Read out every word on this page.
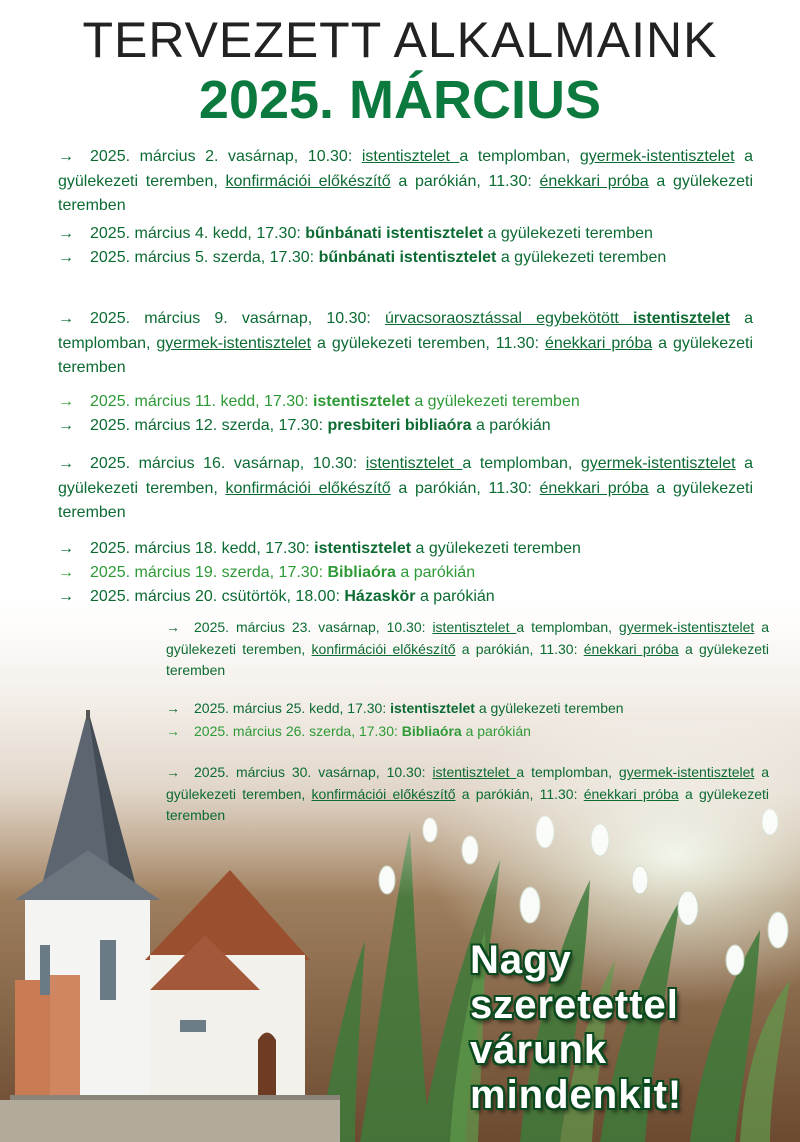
TERVEZETT ALKALMAINK
2025. MÁRCIUS
→ 2025. március 2. vasárnap, 10.30: istentisztelet a templomban, gyermek-istentisztelet a gyülekezeti teremben, konfirmációi előkészítő a parókián, 11.30: énekkari próba a gyülekezeti teremben
→ 2025. március 4. kedd, 17.30: bűnbánati istentisztelet a gyülekezeti teremben
→ 2025. március 5. szerda, 17.30: bűnbánati istentisztelet a gyülekezeti teremben
→ 2025. március 9. vasárnap, 10.30: úrvacsoraosztással egybekötött istentisztelet a templomban, gyermek-istentisztelet a gyülekezeti teremben, 11.30: énekkari próba a gyülekezeti teremben
→ 2025. március 11. kedd, 17.30: istentisztelet a gyülekezeti teremben
→ 2025. március 12. szerda, 17.30: presbiteri bibliaóra a parókián
→ 2025. március 16. vasárnap, 10.30: istentisztelet a templomban, gyermek-istentisztelet a gyülekezeti teremben, konfirmációi előkészítő a parókián, 11.30: énekkari próba a gyülekezeti teremben
→ 2025. március 18. kedd, 17.30: istentisztelet a gyülekezeti teremben
→ 2025. március 19. szerda, 17.30: Bibliaóra a parókián
→ 2025. március 20. csütörtök, 18.00: Házaskör a parókián
→ 2025. március 23. vasárnap, 10.30: istentisztelet a templomban, gyermek-istentisztelet a gyülekezeti teremben, konfirmációi előkészítő a parókián, 11.30: énekkari próba a gyülekezeti teremben
→ 2025. március 25. kedd, 17.30: istentisztelet a gyülekezeti teremben
→ 2025. március 26. szerda, 17.30: Bibliaóra a parókián
→ 2025. március 30. vasárnap, 10.30: istentisztelet a templomban, gyermek-istentisztelet a gyülekezeti teremben, konfirmációi előkészítő a parókián, 11.30: énekkari próba a gyülekezeti teremben
Nagy
szeretettel
várunk
mindenkit!
